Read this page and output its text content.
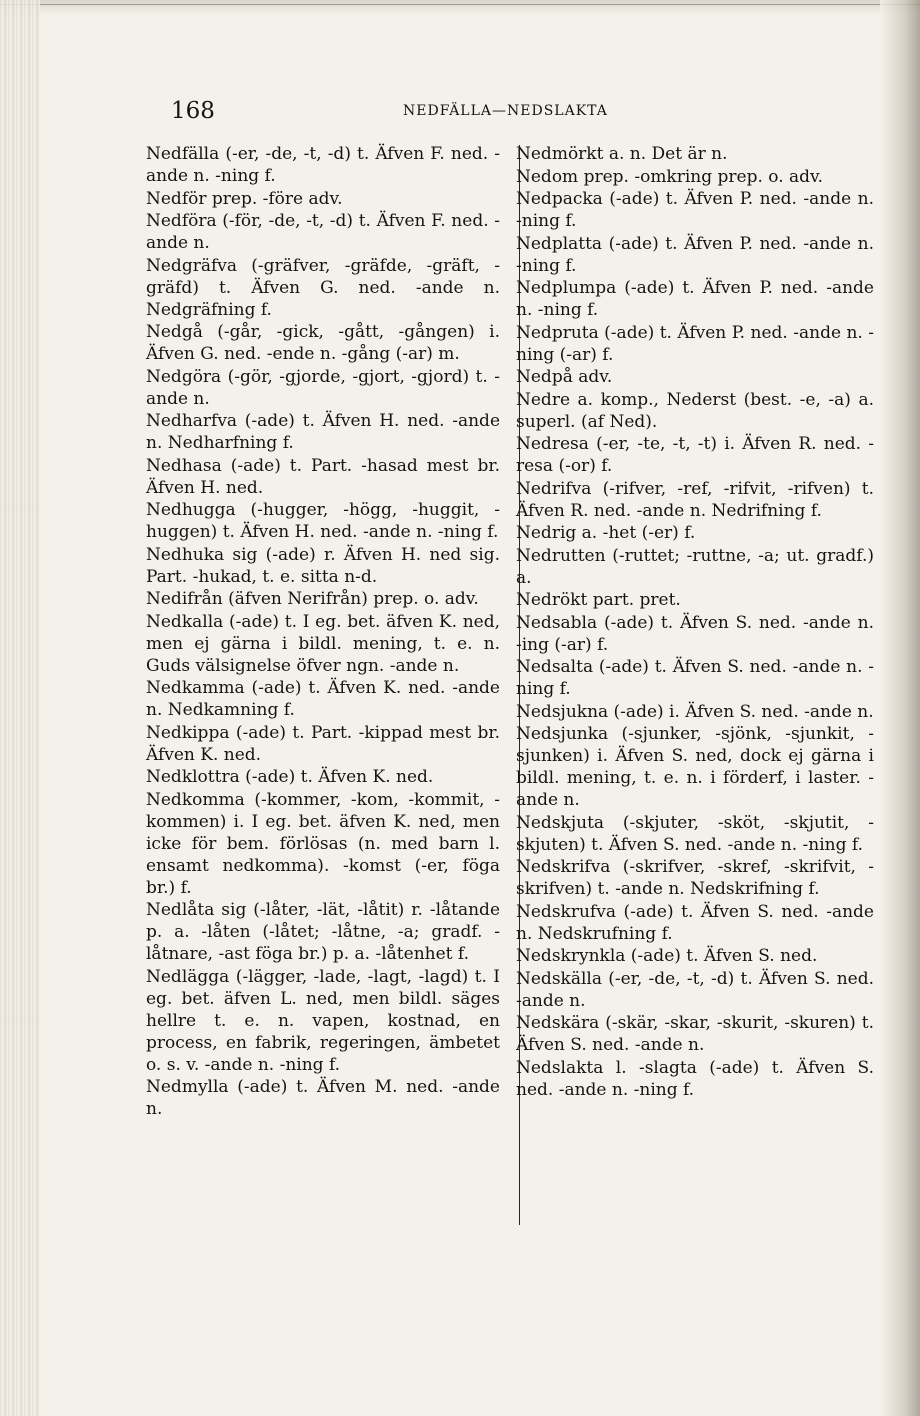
168	NEDFÄLLA—NEDSLAKTA

Nedfälla (-er, -de, -t, -d) t. Äfven F. ned. -ande n. -ning f.

Nedför prep. -före adv.

Nedföra (-för, -de, -t, -d) t. Äfven F. ned. -ande n.

Nedgräfva (-gräfver, -gräfde, -gräft, -gräfd) t. Äfven G. ned. -ande n. Nedgräfning f.

Nedgå (-går, -gick, -gått, -gången) i. Äfven G. ned. -ende n. -gång (-ar) m.

Nedgöra (-gör, -gjorde, -gjort, -gjord) t. -ande n.

Nedharfva (-ade) t. Äfven H. ned. -ande n. Nedharfning f.

Nedhasa (-ade) t. Part. -hasad mest br. Äfven H. ned.

Nedhugga (-hugger, -högg, -huggit, -huggen) t. Äfven H. ned. -ande n. -ning f.

Nedhuka sig (-ade) r. Äfven H. ned sig. Part. -hukad, t. e. sitta n-d.

Nedifrån (äfven Nerifrån) prep. o. adv.

Nedkalla (-ade) t. I eg. bet. äfven K. ned, men ej gärna i bildl. mening, t. e. n. Guds välsignelse öfver ngn. -ande n.

Nedkamma (-ade) t. Äfven K. ned. -ande n. Nedkamning f.

Nedkippa (-ade) t. Part. -kippad mest br. Äfven K. ned.

Nedklottra (-ade) t. Äfven K. ned.

Nedkomma (-kommer, -kom, -kommit, -kommen) i. I eg. bet. äfven K. ned, men icke för bem. förlösas (n. med barn l. ensamt nedkomma). -komst (-er, föga br.) f.

Nedlåta sig (-låter, -lät, -låtit) r. -låtande p. a. -låten (-låtet; -låtne, -a; gradf. -låtnare, -ast föga br.) p. a. -låtenhet f.

Nedlägga (-lägger, -lade, -lagt, -lagd) t. I eg. bet. äfven L. ned, men bildl. säges hellre t. e. n. vapen, kostnad, en process, en fabrik, regeringen, ämbetet o. s. v. -ande n. -ning f.

Nedmylla (-ade) t. Äfven M. ned. -ande n.

Nedmörkt a. n. Det är n.

Nedom prep. -omkring prep. o. adv.

Nedpacka (-ade) t. Äfven P. ned. -ande n. -ning f.

Nedplatta (-ade) t. Äfven P. ned. -ande n. -ning f.

Nedplumpa (-ade) t. Äfven P. ned. -ande n. -ning f.

Nedpruta (-ade) t. Äfven P. ned. -ande n. -ning (-ar) f.

Nedpå adv.

Nedre a. komp., Nederst (best. -e, -a) a. superl. (af Ned).

Nedresa (-er, -te, -t, -t) i. Äfven R. ned. -resa (-or) f.

Nedrifva (-rifver, -ref, -rifvit, -rifven) t. Äfven R. ned. -ande n. Nedrifning f.

Nedrig a. -het (-er) f.

Nedrutten (-ruttet; -ruttne, -a; ut. gradf.) a.

Nedrökt part. pret.

Nedsabla (-ade) t. Äfven S. ned. -ande n. -ing (-ar) f.

Nedsalta (-ade) t. Äfven S. ned. -ande n. -ning f.

Nedsjukna (-ade) i. Äfven S. ned. -ande n.

Nedsjunka (-sjunker, -sjönk, -sjunkit, -sjunken) i. Äfven S. ned, dock ej gärna i bildl. mening, t. e. n. i förderf, i laster. -ande n.

Nedskjuta (-skjuter, -sköt, -skjutit, -skjuten) t. Äfven S. ned. -ande n. -ning f.

Nedskrifva (-skrifver, -skref, -skrifvit, -skrifven) t. -ande n. Nedskrifning f.

Nedskrufva (-ade) t. Äfven S. ned. -ande n. Nedskrufning f.

Nedskrynkla (-ade) t. Äfven S. ned.

Nedskälla (-er, -de, -t, -d) t. Äfven S. ned. -ande n.

Nedskära (-skär, -skar, -skurit, -skuren) t. Äfven S. ned. -ande n.

Nedslakta l. -slagta (-ade) t. Äfven S. ned. -ande n. -ning f.
